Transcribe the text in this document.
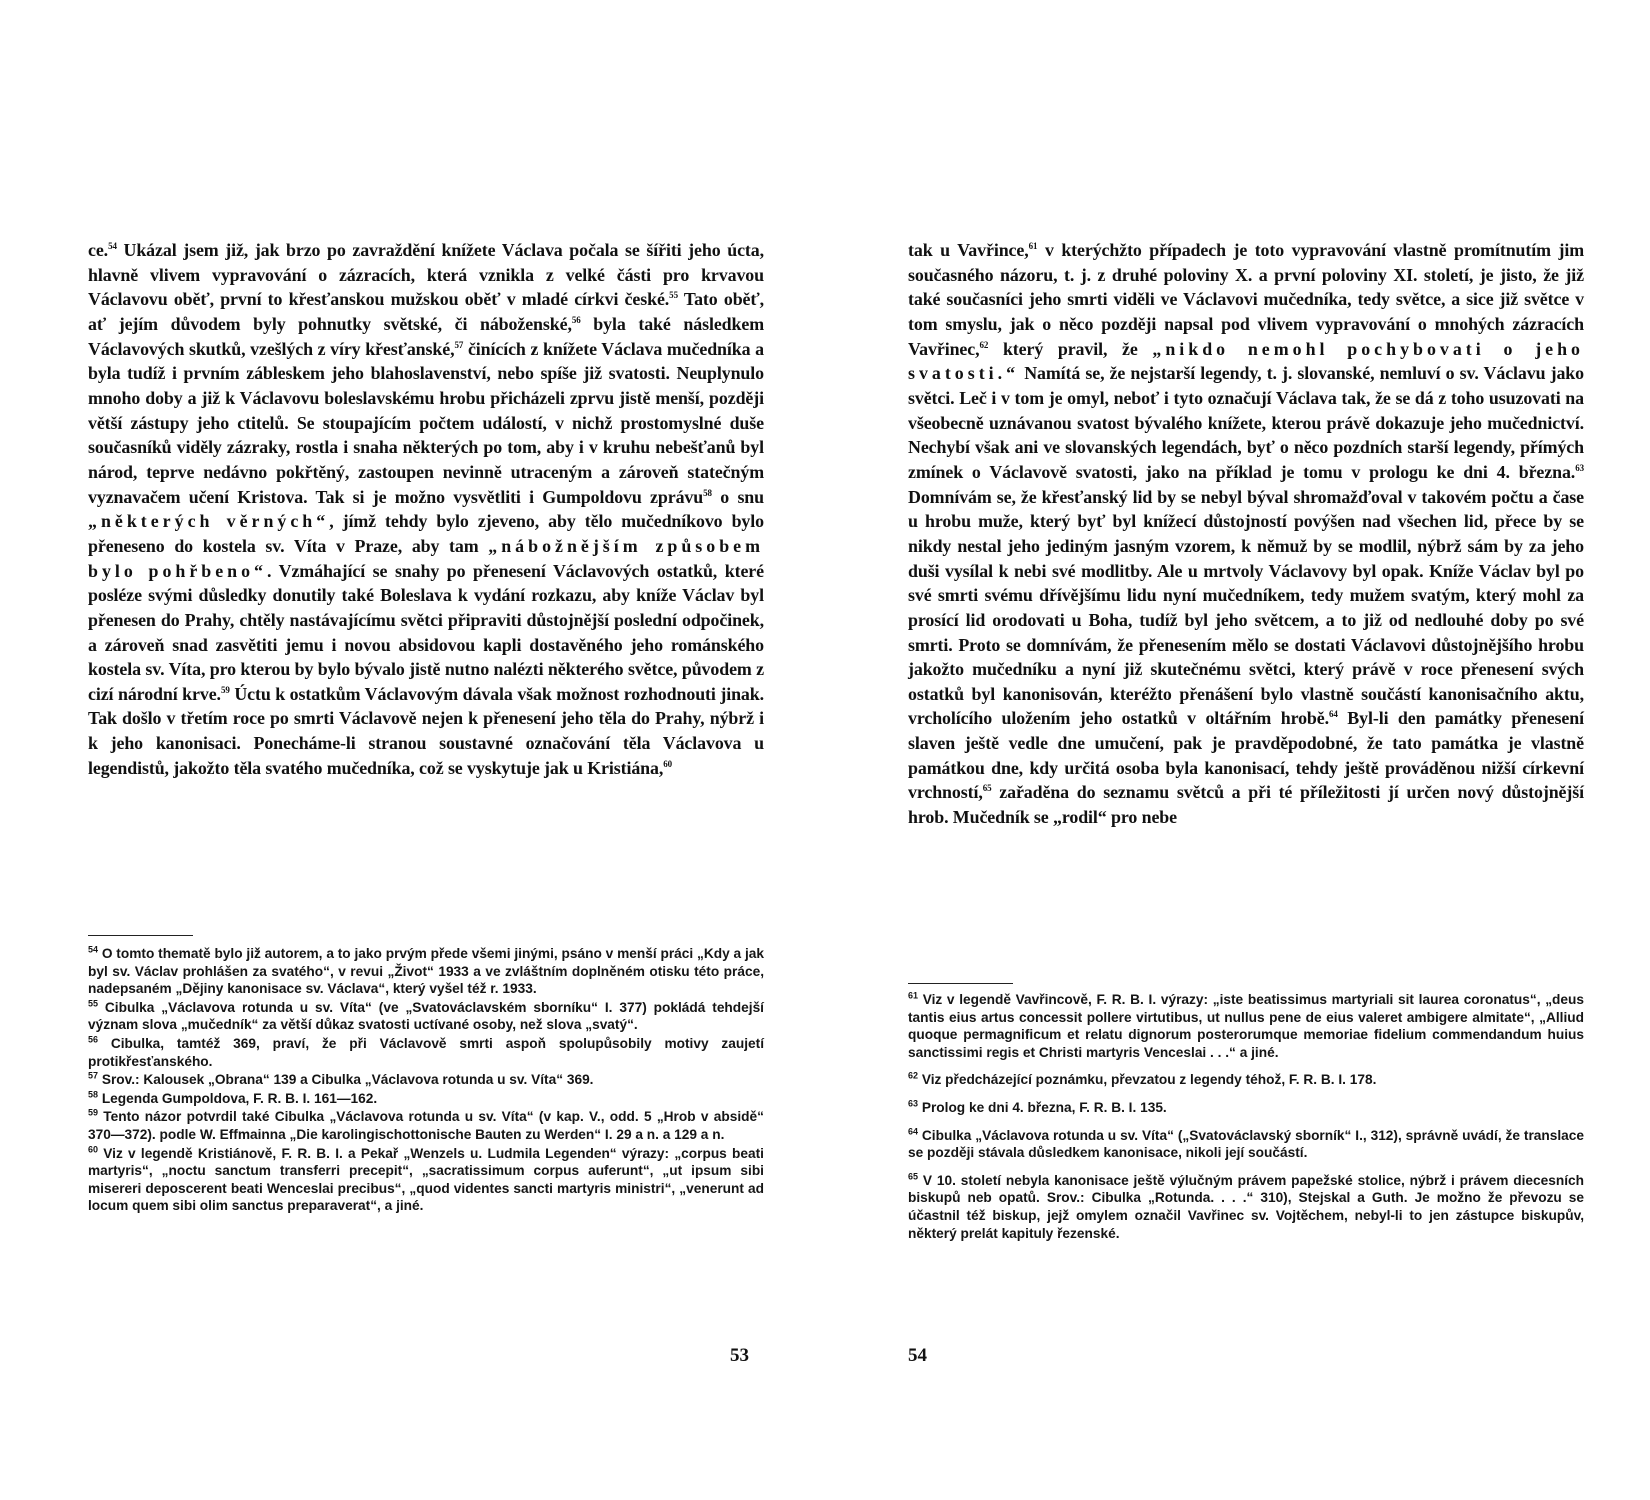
ce.$^{54}$ Ukázal jsem již, jak brzo po zavraždění knížete Václava počala se šířiti jeho úcta, hlavně vlivem vypravování o zázracích, která vznikla z velké části pro krvavou Václavovu oběť, první to křesťanskou mužskou oběť v mladé církvi české.$^{55}$ Tato oběť, ať jejím důvodem byly pohnutky světské, či náboženské,$^{56}$ byla také následkem Václavových skutků, vzešlých z víry křesťanské,$^{57}$ činících z knížete Václava mučedníka a byla tudíž i prvním zábleskem jeho blahoslavenství, nebo spíše již svatosti. Neuplynulo mnoho doby a již k Václavovu boleslavskému hrobu přicházeli zprvu jistě menší, později větší zástupy jeho ctitelů. Se stoupajícím počtem událostí, v nichž prostomyslné duše současníků viděly zázraky, rostla i snaha některých po tom, aby i v kruhu nebešťanů byl národ, teprve nedávno pokřtěný, zastoupen nevinně utraceným a zároveň statečným vyznavačem učení Kristova. Tak si je možno vysvětliti i Gumpoldovu zprávu$^{58}$ o snu „některých věrných“, jímž tehdy bylo zjeveno, aby tělo mučedníkovo bylo přeneseno do kostela sv. Víta v Praze, aby tam „nábožnějším způsobem bylo pohřbeno“. Vzmáhající se snahy po přenesení Václavových ostatků, které posléze svými důsledky donutily také Boleslava k vydání rozkazu, aby kníže Václav byl přenesen do Prahy, chtěly nastávajícímu světci připraviti důstojnější poslední odpočinek, a zároveň snad zasvětiti jemu i novou absidovou kapli dostavěného jeho románského kostela sv. Víta, pro kterou by bylo bývalo jistě nutno nalézti některého světce, původem z cizí národní krve.$^{59}$ Úctu k ostatkům Václavovým dávala však možnost rozhodnouti jinak. Tak došlo v třetím roce po smrti Václavově nejen k přenesení jeho těla do Prahy, nýbrž i k jeho kanonisaci. Ponechámе-li stranou soustavné označování těla Václavova u legendistů, jakožto těla svatého mučedníka, což se vyskytuje jak u Kristiána,$^{60}$

$^{54}$ O tomto thematě bylo již autorem, a to jako prvým přede všemi jinými, psáno v menší práci „Kdy a jak byl sv. Václav prohlášen za svatého“, v revui „Život“ 1933 a ve zvláštním doplněném otisku této práce, nadepsaném „Dějiny kanonisace sv. Václava“, který vyšel též r. 1933.

$^{55}$ Cibulka „Václavova rotunda u sv. Víta“ (ve „Svatováclavském sborníku“ I. 377) pokládá tehdejší význam slova „mučedník“ za větší důkaz svatosti uctívané osoby, než slova „svatý“.

$^{56}$ Cibulka, tamtéž 369, praví, že při Václavově smrti aspoň spolupůsobily motivy zaujetí protikřesťanského.

$^{57}$ Srov.: Kalousek „Obrana“ 139 a Cibulka „Václavova rotunda u sv. Víta“ 369.

$^{58}$ Legenda Gumpoldova, F. R. B. I. 161—162.

$^{59}$ Tento názor potvrdil také Cibulka „Václavova rotunda u sv. Víta“ (v kap. V., odd. 5 „Hrob v absidě“ 370—372). podle W. Effmainna „Die karolingischottonische Bauten zu Werden“ I. 29 a n. a 129 a n.

$^{60}$ Viz v legendě Kristiánově, F. R. B. I. a Pekař „Wenzels u. Ludmila Legenden“ výrazy: „corpus beati martyris“, „noctu sanctum transferri precepit“, „sacratissimum corpus auferunt“, „ut ipsum sibi misereri deposcerent beati Wenceslai precibus“, „quod videntes sancti martyris ministri“, „venerunt ad locum quem sibi olim sanctus preparaverat“, a jiné.

53

tak u Vavřince,$^{61}$ v kterýchžto případech je toto vypravování vlastně promítnutím jim současného názoru, t. j. z druhé poloviny X. a první poloviny XI. století, je jisto, že již také současníci jeho smrti viděli ve Václavovi mučedníka, tedy světce, a sice již světce v tom smyslu, jak o něco později napsal pod vlivem vypravování o mnohých zázracích Vavřinec,$^{62}$ který pravil, že „nikdo nemohl pochybovati o jeho svatosti.“ Namítá se, že nejstarší legendy, t. j. slovanské, nemluví o sv. Václavu jako světci. Leč i v tom je omyl, neboť i tyto označují Václava tak, že se dá z toho usuzovati na všeobecně uznávanou svatost bývalého knížete, kterou právě dokazuje jeho mučednictví. Nechybí však ani ve slovanských legendách, byť o něco pozdních starší legendy, přímých zmínek o Václavově svatosti, jako na příklad je tomu v prologu ke dni 4. března.$^{63}$ Domnívám se, že křesťanský lid by se nebyl býval shromažďoval v takovém počtu a čase u hrobu muže, který byť byl knížecí důstojností povýšen nad všechen lid, přece by se nikdy nestal jeho jediným jasným vzorem, k němuž by se modlil, nýbrž sám by za jeho duši vysílal k nebi své modlitby. Ale u mrtvoly Václavovy byl opak. Kníže Václav byl po své smrti svému dřívějšímu lidu nyní mučedníkem, tedy mužem svatým, který mohl za prosící lid orodovati u Boha, tudíž byl jeho světcem, a to již od nedlouhé doby po své smrti. Proto se domnívám, že přenesením mělo se dostati Václavovi důstojnějšího hrobu jakožto mučedníku a nyní již skutečnému světci, který právě v roce přenesení svých ostatků byl kanonisován, kteréžto přenášení bylo vlastně součástí kanonisačního aktu, vrcholícího uložením jeho ostatků v oltářním hrobě.$^{64}$ Byl-li den památky přenesení slaven ještě vedle dne umučení, pak je pravděpodobné, že tato památka je vlastně památkou dne, kdy určitá osoba byla kanonisací, tehdy ještě prováděnou nižší církevní vrchností,$^{65}$ zařaděna do seznamu světců a při té příležitosti jí určen nový důstojnější hrob. Mučedník se „rodil“ pro nebe

$^{61}$ Viz v legendě Vavřincově, F. R. B. I. výrazy: „iste beatissimus martyriali sit laurea coronatus“, „deus tantis eius artus concessit pollere virtutibus, ut nullus pene de eius valeret ambigere almitate“, „Alliud quoque permagnificum et relatu dignorum posterorumque memoriae fidelium commendandum huius sanctissimi regis et Christi martyris Venceslai . . .“ a jiné.

$^{62}$ Viz předcházející poznámku, převzatou z legendy téhož, F. R. B. I. 178.

$^{63}$ Prolog ke dni 4. března, F. R. B. I. 135.

$^{64}$ Cibulka „Václavova rotunda u sv. Víta“ („Svatováclavský sborník“ I., 312), správně uvádí, že translace se později stávala důsledkem kanonisace, nikoli její součástí.

$^{65}$ V 10. století nebyla kanonisace ještě výlučným právem papežské stolice, nýbrž i právem diecesních biskupů neb opatů. Srov.: Cibulka „Rotunda. . . .“ 310), Stejskal a Guth. Je možno že převozu se účastnil též biskup, jejž omylem označil Vavřinec sv. Vojtěchem, nebyl-li to jen zástupce biskupův, některý prelát kapituly řezenské.

54
